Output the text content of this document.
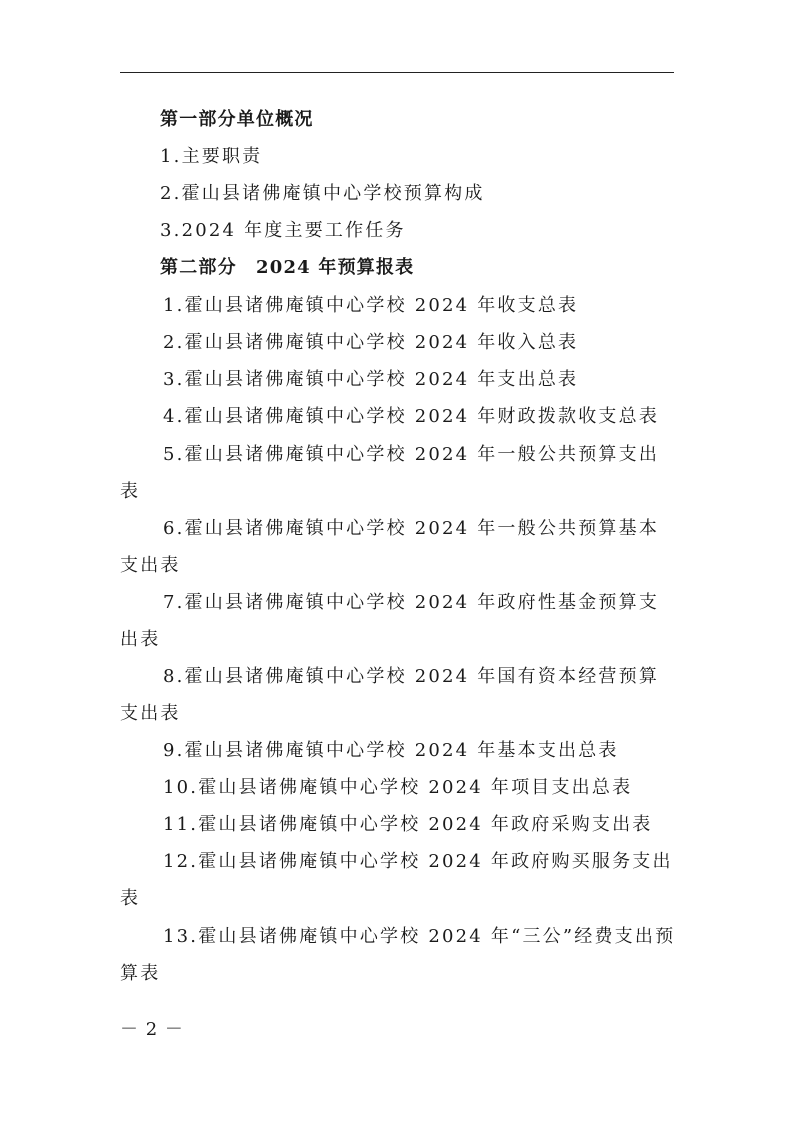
第一部分单位概况
1.主要职责
2.霍山县诸佛庵镇中心学校预算构成
3.2024 年度主要工作任务
第二部分　2024 年预算报表
1.霍山县诸佛庵镇中心学校 2024 年收支总表
2.霍山县诸佛庵镇中心学校 2024 年收入总表
3.霍山县诸佛庵镇中心学校 2024 年支出总表
4.霍山县诸佛庵镇中心学校 2024 年财政拨款收支总表
5.霍山县诸佛庵镇中心学校 2024 年一般公共预算支出
表
6.霍山县诸佛庵镇中心学校 2024 年一般公共预算基本
支出表
7.霍山县诸佛庵镇中心学校 2024 年政府性基金预算支
出表
8.霍山县诸佛庵镇中心学校 2024 年国有资本经营预算
支出表
9.霍山县诸佛庵镇中心学校 2024 年基本支出总表
10.霍山县诸佛庵镇中心学校 2024 年项目支出总表
11.霍山县诸佛庵镇中心学校 2024 年政府采购支出表
12.霍山县诸佛庵镇中心学校 2024 年政府购买服务支出
表
13.霍山县诸佛庵镇中心学校 2024 年“三公”经费支出预
算表
－ 2 －
